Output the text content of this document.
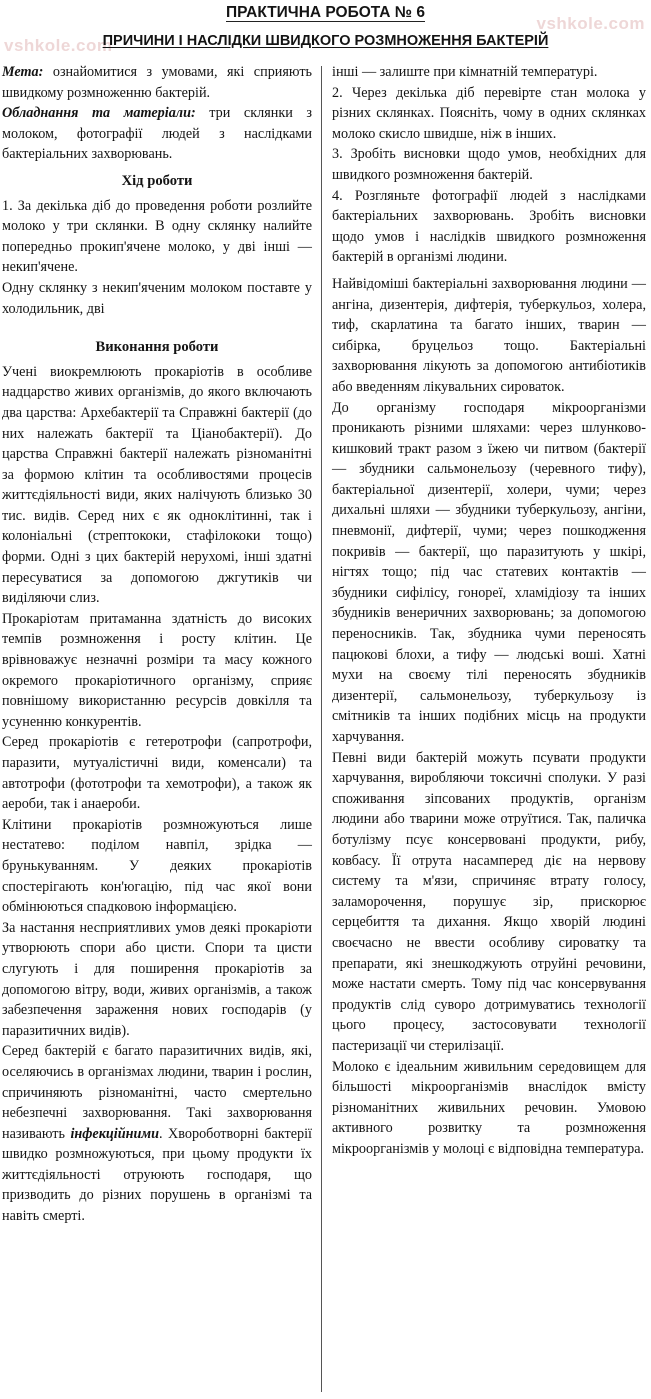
vshkole.com
vshkole.com
ПРАКТИЧНА РОБОТА № 6
ПРИЧИНИ І НАСЛІДКИ ШВИДКОГО РОЗМНОЖЕННЯ БАКТЕРІЙ

Мета: ознайомитися з умовами, які сприяють швидкому розмноженню бактерій.

Обладнання та матеріали: три склянки з молоком, фотографії людей з наслідками бактеріальних захворювань.

Хід роботи

1. За декілька діб до проведення роботи розлийте молоко у три склянки. В одну склянку налийте попередньо прокип'ячене молоко, у дві інші — некип'ячене.

Одну склянку з некип'яченим молоком поставте у холодильник, дві

Виконання роботи

Учені виокремлюють прокаріотів в особливе надцарство живих організмів, до якого включають два царства: Архебактерії та Справжні бактерії (до них належать бактерії та Ціанобактерії). До царства Справжні бактерії належать різноманітні за формою клітин та особливостями процесів життєдіяльності види, яких налічують близько 30 тис. видів. Серед них є як одноклітинні, так і колоніальні (стрептококи, стафілококи тощо) форми. Одні з цих бактерій нерухомі, інші здатні пересуватися за допомогою джгутиків чи виділяючи слиз.

Прокаріотам притаманна здатність до високих темпів розмноження і росту клітин. Це врівноважує незначні розміри та масу кожного окремого прокаріотичного організму, сприяє повнішому використанню ресурсів довкілля та усуненню конкурентів.

Серед прокаріотів є гетеротрофи (сапротрофи, паразити, мутуалістичні види, коменсали) та автотрофи (фототрофи та хемотрофи), а також як аероби, так і анаероби.

Клітини прокаріотів розмножуються лише нестатево: поділом навпіл, зрідка — брунькуванням. У деяких прокаріотів спостерігають кон'югацію, під час якої вони обмінюються спадковою інформацією.

За настання несприятливих умов деякі прокаріоти утворюють спори або цисти. Спори та цисти слугують і для поширення прокаріотів за допомогою вітру, води, живих організмів, а також забезпечення зараження нових господарів (у паразитичних видів).

Серед бактерій є багато паразитичних видів, які, оселяючись в організмах людини, тварин і рослин, спричиняють різноманітні, часто смертельно небезпечні захворювання. Такі захворювання називають інфекційними. Хвороботворні бактерії швидко розмножуються, при цьому продукти їх життєдіяльності отруюють господаря, що призводить до різних порушень в організмі та навіть смерті.

інші — залиште при кімнатній температурі.

2. Через декілька діб перевірте стан молока у різних склянках. Поясніть, чому в одних склянках молоко скисло швидше, ніж в інших.

3. Зробіть висновки щодо умов, необхідних для швидкого розмноження бактерій.

4. Розгляньте фотографії людей з наслідками бактеріальних захворювань. Зробіть висновки щодо умов і наслідків швидкого розмноження бактерій в організмі людини.

Найвідоміші бактеріальні захворювання людини — ангіна, дизентерія, дифтерія, туберкульоз, холера, тиф, скарлатина та багато інших, тварин — сибірка, бруцельоз тощо. Бактеріальні захворювання лікують за допомогою антибіотиків або введенням лікувальних сироваток.

До організму господаря мікроорганізми проникають різними шляхами: через шлунково-кишковий тракт разом з їжею чи питвом (бактерії — збудники сальмонельозу (черевного тифу), бактеріальної дизентерії, холери, чуми; через дихальні шляхи — збудники туберкульозу, ангіни, пневмонії, дифтерії, чуми; через пошкодження покривів — бактерії, що паразитують у шкірі, нігтях тощо; під час статевих контактів — збудники сифілісу, гонореї, хламідіозу та інших збудників венеричних захворювань; за допомогою переносників. Так, збудника чуми переносять пацюкові блохи, а тифу — людські воші. Хатні мухи на своєму тілі переносять збудників дизентерії, сальмонельозу, туберкульозу із смітників та інших подібних місць на продукти харчування.

Певні види бактерій можуть псувати продукти харчування, виробляючи токсичні сполуки. У разі споживання зіпсованих продуктів, організм людини або тварини може отруїтися. Так, паличка ботулізму псує консервовані продукти, рибу, ковбасу. Її отрута насамперед діє на нервову систему та м'язи, спричиняє втрату голосу, заламорочення, порушує зір, прискорює серцебиття та дихання. Якщо хворій людині своєчасно не ввести особливу сироватку та препарати, які знешкоджують отруйні речовини, може настати смерть. Тому під час консервування продуктів слід суворо дотримуватись технології цього процесу, застосовувати технології пастеризації чи стерилізації.

Молоко є ідеальним живильним середовищем для більшості мікроорганізмів внаслідок вмісту різноманітних живильних речовин. Умовою активного розвитку та розмноження мікроорганізмів у молоці є відповідна температура.
